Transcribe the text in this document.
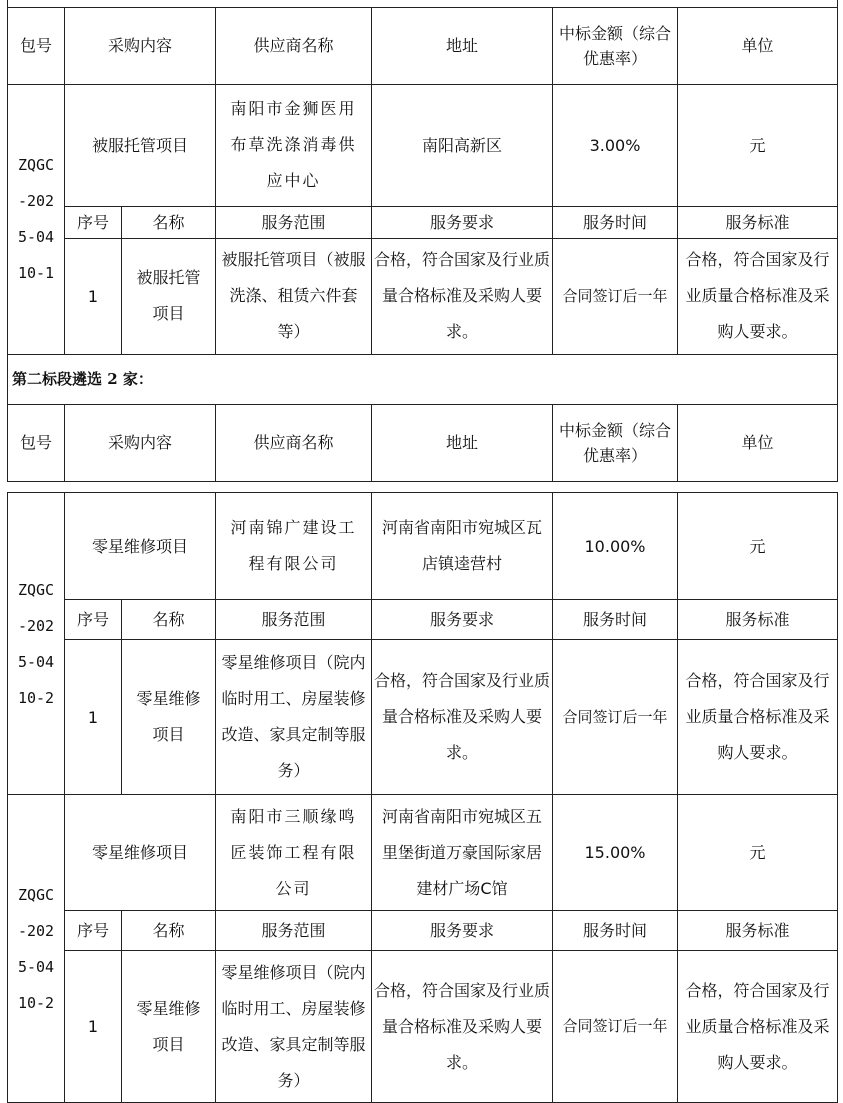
包号	采购内容		供应商名称	地址	中标金额（综合优惠率）	单位

ZQGC
-202
5-04
10-1	被服托管项目		南阳市金狮医用布草洗涤消毒供应中心	南阳高新区	3.00%	元
	序号	名称	服务范围	服务要求	服务时间	服务标准
	1	被服托管项目	被服托管项目（被服洗涤、租赁六件套等）	合格，符合国家及行业质量合格标准及采购人要求。	合同签订后一年	合格，符合国家及行业质量合格标准及采购人要求。
第二标段遴选 2 家：						
包号	采购内容		供应商名称	地址	中标金额（综合优惠率）	单位
ZQGC
-202
5-04
10-2	零星维修项目		河南锦广建设工程有限公司	河南省南阳市宛城区瓦店镇逵营村	10.00%	元
	序号	名称	服务范围	服务要求	服务时间	服务标准
	1	零星维修项目	零星维修项目（院内临时用工、房屋装修改造、家具定制等服务）	合格，符合国家及行业质量合格标准及采购人要求。	合同签订后一年	合格，符合国家及行业质量合格标准及采购人要求。

ZQGC
-202
5-04
10-2	零星维修项目		南阳市三顺缘鸣匠装饰工程有限公司	河南省南阳市宛城区五里堡街道万豪国际家居建材广场C馆	15.00%	元
	序号	名称	服务范围	服务要求	服务时间	服务标准
	1	零星维修项目	零星维修项目（院内临时用工、房屋装修改造、家具定制等服务）	合格，符合国家及行业质量合格标准及采购人要求。	合同签订后一年	合格，符合国家及行业质量合格标准及采购人要求。
